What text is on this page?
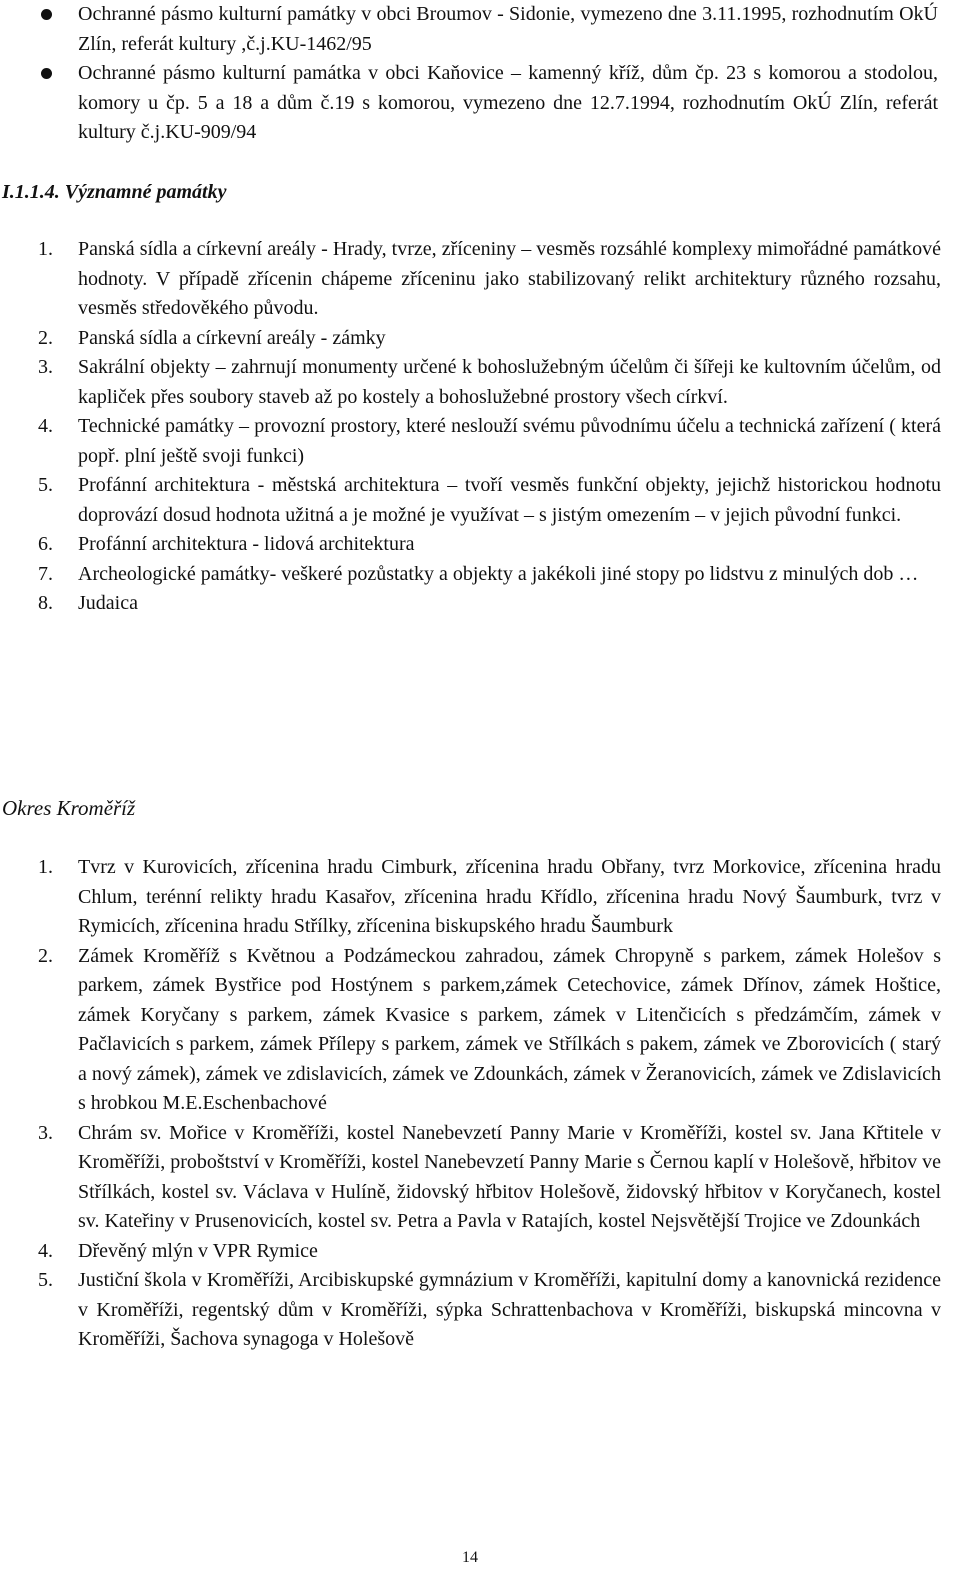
Ochranné pásmo kulturní památky v obci Broumov - Sidonie, vymezeno dne 3.11.1995, rozhodnutím OkÚ Zlín, referát kultury ,č.j.KU-1462/95
Ochranné pásmo kulturní památka v obci Kaňovice – kamenný kříž, dům čp. 23 s komorou a stodolou, komory u čp. 5 a 18 a dům č.19 s komorou, vymezeno dne 12.7.1994, rozhodnutím OkÚ Zlín, referát kultury č.j.KU-909/94
I.1.1.4. Významné památky
1. Panská sídla a církevní areály - Hrady, tvrze, zříceniny – vesměs rozsáhlé komplexy mimořádné památkové hodnoty. V případě zřícenin chápeme zříceninu jako stabilizovaný relikt architektury různého rozsahu, vesměs středověkého původu.
2. Panská sídla a církevní areály - zámky
3. Sakrální objekty – zahrnují monumenty určené k bohoslužebným účelům či šířeji ke kultovním účelům, od kapliček přes soubory staveb až po kostely a bohoslužebné prostory všech církví.
4. Technické památky – provozní prostory, které neslouží svému původnímu účelu a technická zařízení ( která popř. plní ještě svoji funkci)
5. Profánní architektura - městská architektura – tvoří vesměs funkční objekty, jejichž historickou hodnotu doprovází dosud hodnota užitná a je možné je využívat – s jistým omezením – v jejich původní funkci.
6. Profánní architektura - lidová architektura
7. Archeologické památky- veškeré pozůstatky a objekty a jakékoli jiné stopy po lidstvu z minulých dob …
8. Judaica
Okres Kroměříž
1. Tvrz v Kurovicích, zřícenina hradu Cimburk, zřícenina hradu Obřany, tvrz Morkovice, zřícenina hradu Chlum, terénní relikty hradu Kasařov, zřícenina hradu Křídlo, zřícenina hradu Nový Šaumburk, tvrz v Rymicích, zřícenina hradu Střílky, zřícenina biskupského hradu Šaumburk
2. Zámek Kroměříž s Květnou a Podzámeckou zahradou, zámek Chropyně s parkem, zámek Holešov s parkem, zámek Bystřice pod Hostýnem s parkem,zámek Cetechovice, zámek Dřínov, zámek Hoštice, zámek Koryčany s parkem, zámek Kvasice s parkem, zámek v Litenčicích s předzámčím, zámek v Pačlavicích s parkem, zámek Přílepy s parkem, zámek ve Střílkách s pakem, zámek ve Zborovicích ( starý a nový zámek), zámek ve zdislavicích, zámek ve Zdounkách, zámek v Žeranovicích, zámek ve Zdislavicích s hrobkou M.E.Eschenbachové
3. Chrám sv. Mořice v Kroměříži, kostel Nanebevzetí Panny Marie v Kroměříži, kostel sv. Jana Křtitele v Kroměříži, proboštství v Kroměříži, kostel Nanebevzetí Panny Marie s Černou kaplí v Holešově, hřbitov ve Střílkách, kostel sv. Václava v Hulíně, židovský hřbitov Holešově, židovský hřbitov v Koryčanech, kostel sv. Kateřiny v Prusenovicích, kostel sv. Petra a Pavla v Ratajích, kostel Nejsvětější Trojice ve Zdounkách
4. Dřevěný mlýn v VPR Rymice
5. Justiční škola v Kroměříži, Arcibiskupské gymnázium v Kroměříži, kapitulní domy a kanovnická rezidence v Kroměříži, regentský dům v Kroměříži, sýpka Schrattenbachova v Kroměříži, biskupská mincovna v Kroměříži, Šachova synagoga v Holešově
14
